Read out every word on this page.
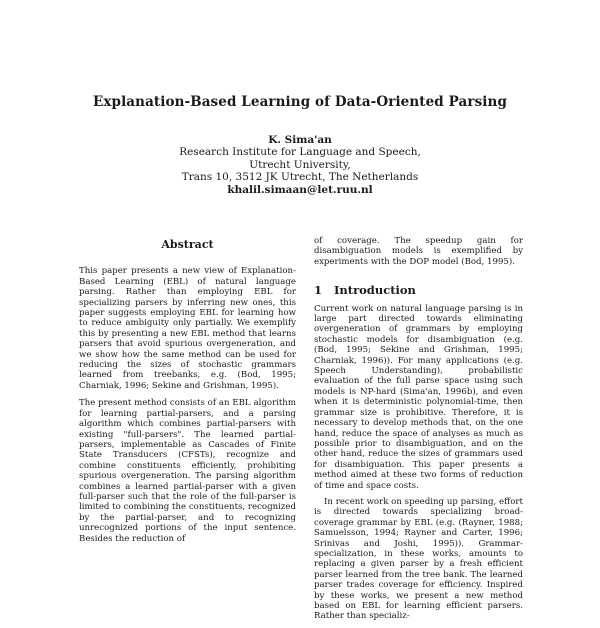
Explanation-Based Learning of Data-Oriented Parsing
K. Sima'an
Research Institute for Language and Speech,
Utrecht University,
Trans 10, 3512 JK Utrecht, The Netherlands
khalil.simaan@let.ruu.nl
Abstract

This paper presents a new view of Explanation-Based Learning (EBL) of natural language parsing. Rather than employing EBL for specializing parsers by inferring new ones, this paper suggests employing EBL for learning how to reduce ambiguity only partially. We exemplify this by presenting a new EBL method that learns parsers that avoid spurious overgeneration, and we show how the same method can be used for reducing the sizes of stochastic grammars learned from treebanks, e.g. (Bod, 1995; Charniak, 1996; Sekine and Grishman, 1995).

The present method consists of an EBL algorithm for learning partial-parsers, and a parsing algorithm which combines partial-parsers with existing "full-parsers". The learned partial-parsers, implementable as Cascades of Finite State Transducers (CFSTs), recognize and combine constituents efficiently, prohibiting spurious overgeneration. The parsing algorithm combines a learned partial-parser with a given full-parser such that the role of the full-parser is limited to combining the constituents, recognized by the partial-parser, and to recognizing unrecognized portions of the input sentence. Besides the reduction of

of coverage. The speedup gain for disambiguation models is exemplified by experiments with the DOP model (Bod, 1995).

1 Introduction

Current work on natural language parsing is in large part directed towards eliminating overgeneration of grammars by employing stochastic models for disambiguation (e.g. (Bod, 1995; Sekine and Grishman, 1995; Charniak, 1996)). For many applications (e.g. Speech Understanding), probabilistic evaluation of the full parse space using such models is NP-hard (Sima'an, 1996b), and even when it is deterministic polynomial-time, then grammar size is prohibitive. Therefore, it is necessary to develop methods that, on the one hand, reduce the space of analyses as much as possible prior to disambiguation, and on the other hand, reduce the sizes of grammars used for disambiguation. This paper presents a method aimed at these two forms of reduction of time and space costs.

In recent work on speeding up parsing, effort is directed towards specializing broad-coverage grammar by EBL (e.g. (Rayner, 1988; Samuelsson, 1994; Rayner and Carter, 1996; Srinivas and Joshi, 1995)). Grammar-specialization, in these works, amounts to replacing a given parser by a fresh efficient parser learned from the tree bank. The learned parser trades coverage for efficiency. Inspired by these works, we present a new method based on EBL for learning efficient parsers. Rather than specializ-
